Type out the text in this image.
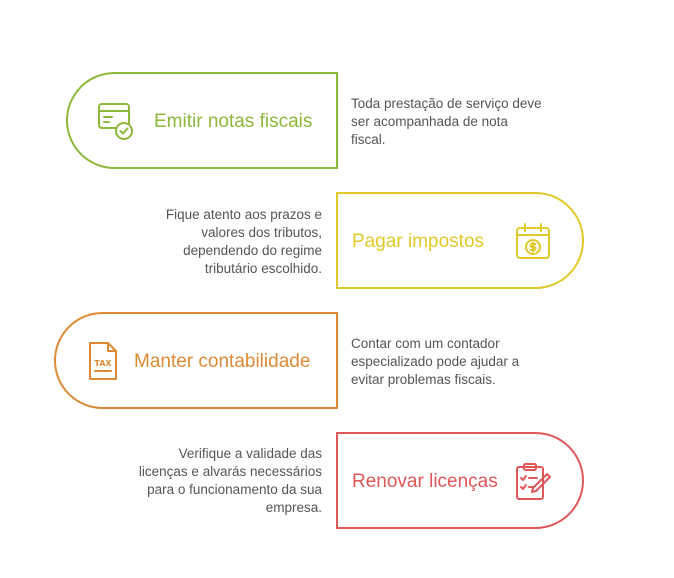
Emitir notas fiscais

Toda prestação de serviço deve
ser acompanhada de nota
fiscal.

Pagar impostos

Fique atento aos prazos e
valores dos tributos,
dependendo do regime
tributário escolhido.

TAX Manter contabilidade

Contar com um contador
especializado pode ajudar a
evitar problemas fiscais.

Renovar licenças

Verifique a validade das
licenças e alvarás necessários
para o funcionamento da sua
empresa.
